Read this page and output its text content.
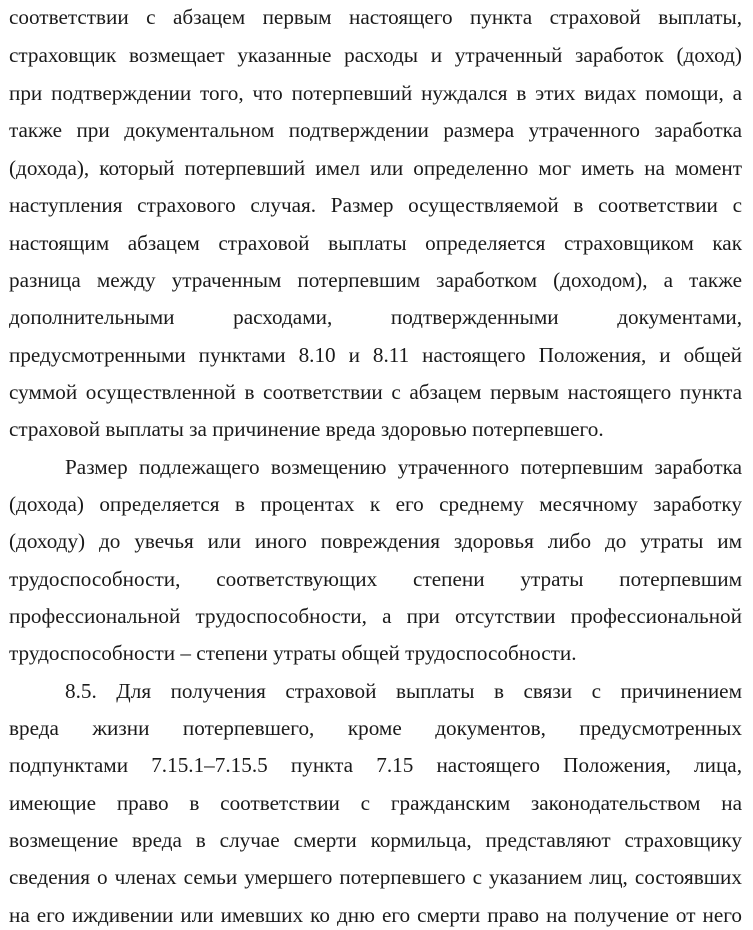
соответствии с абзацем первым настоящего пункта страховой выплаты,
страховщик возмещает указанные расходы и утраченный заработок (доход)
при подтверждении того, что потерпевший нуждался в этих видах помощи, а
также при документальном подтверждении размера утраченного заработка
(дохода), который потерпевший имел или определенно мог иметь на момент
наступления страхового случая. Размер осуществляемой в соответствии с
настоящим абзацем страховой выплаты определяется страховщиком как
разница между утраченным потерпевшим заработком (доходом), а также
дополнительными расходами, подтвержденными документами,
предусмотренными пунктами 8.10 и 8.11 настоящего Положения, и общей
суммой осуществленной в соответствии с абзацем первым настоящего пункта
страховой выплаты за причинение вреда здоровью потерпевшего.
Размер подлежащего возмещению утраченного потерпевшим заработка
(дохода) определяется в процентах к его среднему месячному заработку
(доходу) до увечья или иного повреждения здоровья либо до утраты им
трудоспособности, соответствующих степени утраты потерпевшим
профессиональной трудоспособности, а при отсутствии профессиональной
трудоспособности – степени утраты общей трудоспособности.
8.5. Для получения страховой выплаты в связи с причинением
вреда жизни потерпевшего, кроме документов, предусмотренных
подпунктами 7.15.1–7.15.5 пункта 7.15 настоящего Положения, лица,
имеющие право в соответствии с гражданским законодательством на
возмещение вреда в случае смерти кормильца, представляют страховщику
сведения о членах семьи умершего потерпевшего с указанием лиц, состоявших
на его иждивении или имевших ко дню его смерти право на получение от него
